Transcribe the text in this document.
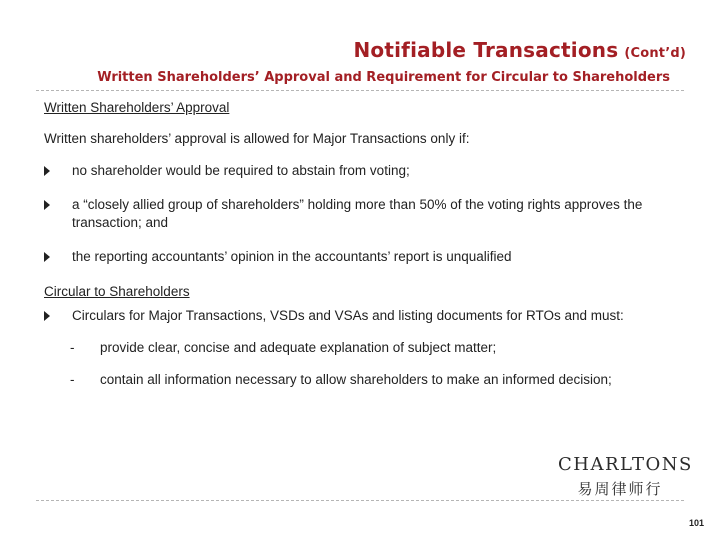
Notifiable Transactions (Cont’d)
Written Shareholders’ Approval and Requirement for Circular to Shareholders

Written Shareholders’ Approval

Written shareholders’ approval is allowed for Major Transactions only if:
no shareholder would be required to abstain from voting;
a “closely allied group of shareholders” holding more than 50% of the voting rights approves the transaction; and
the reporting accountants’ opinion in the accountants’ report is unqualified

Circular to Shareholders

Circulars for Major Transactions, VSDs and VSAs and listing documents for RTOs and must:
- provide clear, concise and adequate explanation of subject matter;
- contain all information necessary to allow shareholders to make an informed decision;
CHARLTONS
易周律师行
101
